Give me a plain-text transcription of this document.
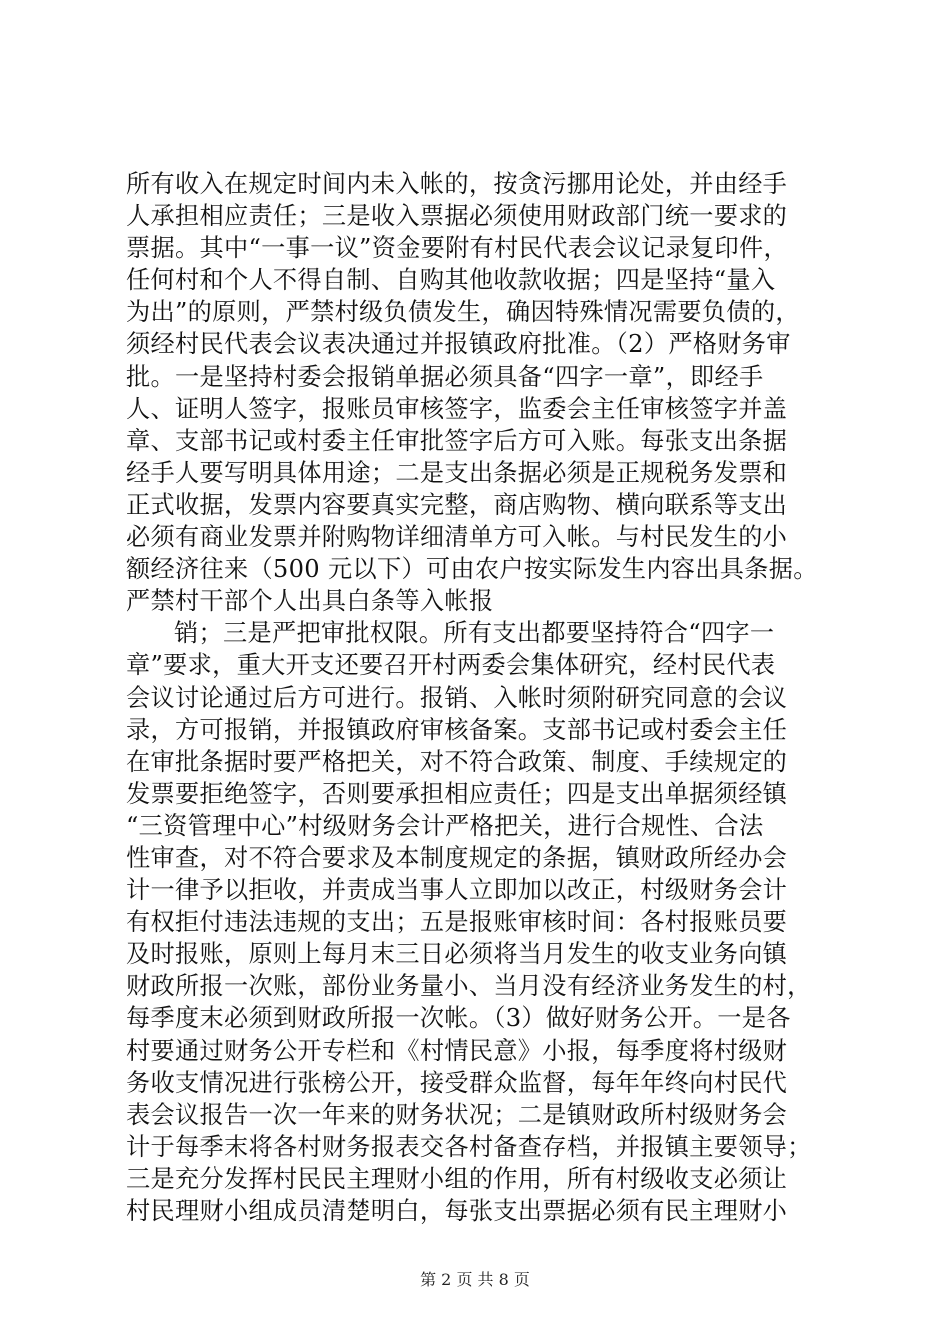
所有收入在规定时间内未入帐的，按贪污挪用论处，并由经手
人承担相应责任；三是收入票据必须使用财政部门统一要求的
票据。其中“一事一议”资金要附有村民代表会议记录复印件，
任何村和个人不得自制、自购其他收款收据；四是坚持“量入
为出”的原则，严禁村级负债发生，确因特殊情况需要负债的，
须经村民代表会议表决通过并报镇政府批准。（2）严格财务审
批。一是坚持村委会报销单据必须具备“四字一章”，即经手
人、证明人签字，报账员审核签字，监委会主任审核签字并盖
章、支部书记或村委主任审批签字后方可入账。每张支出条据
经手人要写明具体用途；二是支出条据必须是正规税务发票和
正式收据，发票内容要真实完整，商店购物、横向联系等支出
必须有商业发票并附购物详细清单方可入帐。与村民发生的小
额经济往来（500 元以下）可由农户按实际发生内容出具条据。
严禁村干部个人出具白条等入帐报
销；三是严把审批权限。所有支出都要坚持符合“四字一
章”要求，重大开支还要召开村两委会集体研究，经村民代表
会议讨论通过后方可进行。报销、入帐时须附研究同意的会议
录，方可报销，并报镇政府审核备案。支部书记或村委会主任
在审批条据时要严格把关，对不符合政策、制度、手续规定的
发票要拒绝签字，否则要承担相应责任；四是支出单据须经镇
“三资管理中心”村级财务会计严格把关，进行合规性、合法
性审查，对不符合要求及本制度规定的条据，镇财政所经办会
计一律予以拒收，并责成当事人立即加以改正，村级财务会计
有权拒付违法违规的支出；五是报账审核时间：各村报账员要
及时报账，原则上每月末三日必须将当月发生的收支业务向镇
财政所报一次账，部份业务量小、当月没有经济业务发生的村，
每季度末必须到财政所报一次帐。（3）做好财务公开。一是各
村要通过财务公开专栏和《村情民意》小报，每季度将村级财
务收支情况进行张榜公开，接受群众监督，每年年终向村民代
表会议报告一次一年来的财务状况；二是镇财政所村级财务会
计于每季末将各村财务报表交各村备查存档，并报镇主要领导；
三是充分发挥村民民主理财小组的作用，所有村级收支必须让
村民理财小组成员清楚明白，每张支出票据必须有民主理财小
第 2 页 共 8 页
